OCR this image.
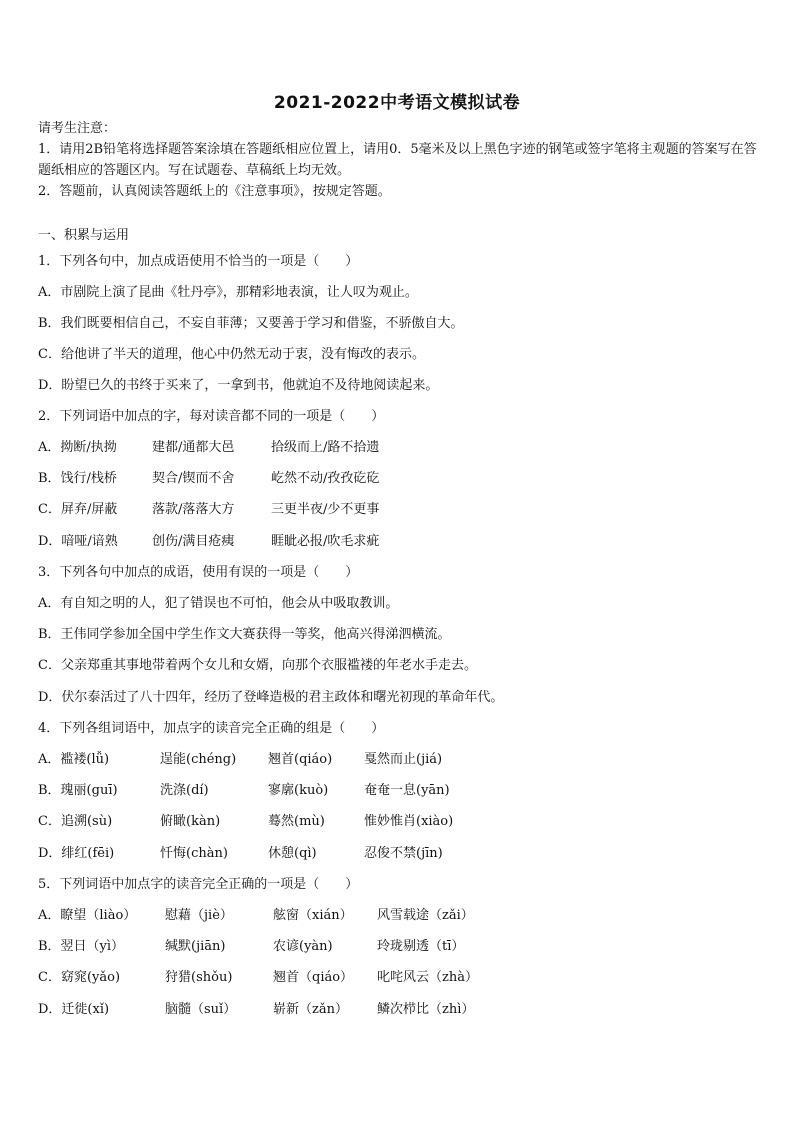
2021-2022中考语文模拟试卷

请考生注意：

1．请用2B铅笔将选择题答案涂填在答题纸相应位置上，请用0．5毫米及以上黑色字迹的钢笔或签字笔将主观题的答案写在答题纸相应的答题区内。写在试题卷、草稿纸上均无效。

2．答题前，认真阅读答题纸上的《注意事项》，按规定答题。

一、积累与运用
1．下列各句中，加点成语使用不恰当的一项是（　　）
A．市剧院上演了昆曲《牡丹亭》，那精彩地表演，让人叹为观止。
B．我们既要相信自己，不妄自菲薄；又要善于学习和借鉴，不骄傲自大。
C．给他讲了半天的道理，他心中仍然无动于衷，没有悔改的表示。
D．盼望已久的书终于买来了，一拿到书，他就迫不及待地阅读起来。
2．下列词语中加点的字，每对读音都不同的一项是（　　）
A．拗断/执拗	建都/通都大邑	拾级而上/路不拾遗
B．饯行/栈桥	契合/锲而不舍	屹然不动/孜孜矻矻
C．屏弃/屏蔽	落款/落落大方	三更半夜/少不更事
D．喑哑/谙熟	创伤/满目疮痍	睚眦必报/吹毛求疵
3．下列各句中加点的成语，使用有误的一项是（　　）
A．有自知之明的人，犯了错误也不可怕，他会从中吸取教训。
B．王伟同学参加全国中学生作文大赛获得一等奖，他高兴得涕泗横流。
C．父亲郑重其事地带着两个女儿和女婿，向那个衣服褴褛的年老水手走去。
D．伏尔泰活过了八十四年，经历了登峰造极的君主政体和曙光初现的革命年代。
4．下列各组词语中，加点字的读音完全正确的组是（　　）
A．褴褛(lǚ)	逞能(chéng) 翘首(qiáo) 戛然而止(jiá)
B．瑰丽(guī)	洗涤(dí)	寥廓(kuò)	奄奄一息(yān)
C．追溯(sù)	俯瞰(kàn)	蓦然(mù)	惟妙惟肖(xiào)
D．绯红(fēi)	忏悔(chàn)	休憩(qì)	忍俊不禁(jīn)
5．下列词语中加点字的读音完全正确的一项是（　　）
A．瞭望（liào） 慰藉（jiè）	舷窗（xián） 风雪载途（zǎi）
B．翌日（yì）	缄默(jiān)	农谚(yàn)	玲珑剔透（tī）
C．窈窕(yǎo)	狩猎(shǒu)	翘首（qiáo） 叱咤风云（zhà）
D．迁徙(xǐ)	脑髓（suǐ）	崭新（zǎn） 鳞次栉比（zhì）
